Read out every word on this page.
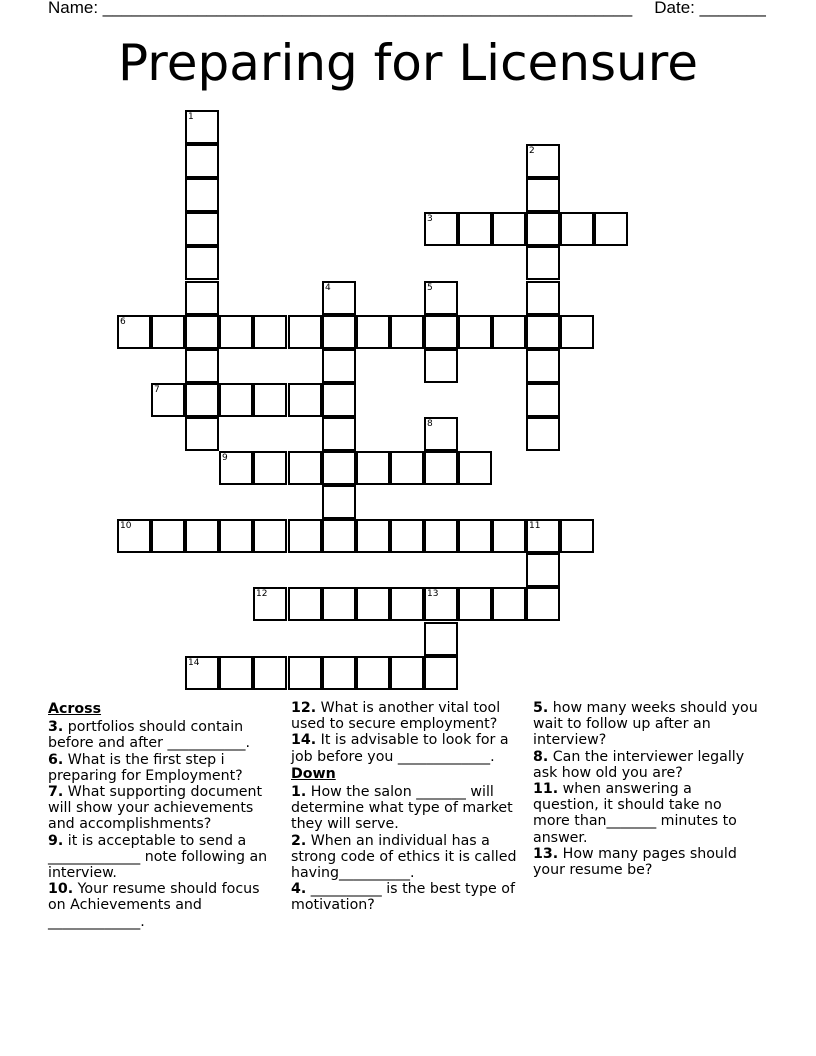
Name: ________________________________________________________ Date: _______
Preparing for Licensure
1
2
3
4	5
6
7
8
9
10	11
12	13
14
Across
3. portfolios should contain before and after ___________.
6. What is the first step i preparing for Employment?
7. What supporting document will show your achievements and accomplishments?
9. it is acceptable to send a _____________ note following an interview.
10. Your resume should focus on Achievements and _____________.
12. What is another vital tool used to secure employment?
14. It is advisable to look for a job before you _____________.
Down
1. How the salon _______ will determine what type of market they will serve.
2. When an individual has a strong code of ethics it is called having__________.
4. __________ is the best type of motivation?
5. how many weeks should you wait to follow up after an interview?
8. Can the interviewer legally ask how old you are?
11. when answering a question, it should take no more than_______ minutes to answer.
13. How many pages should your resume be?
